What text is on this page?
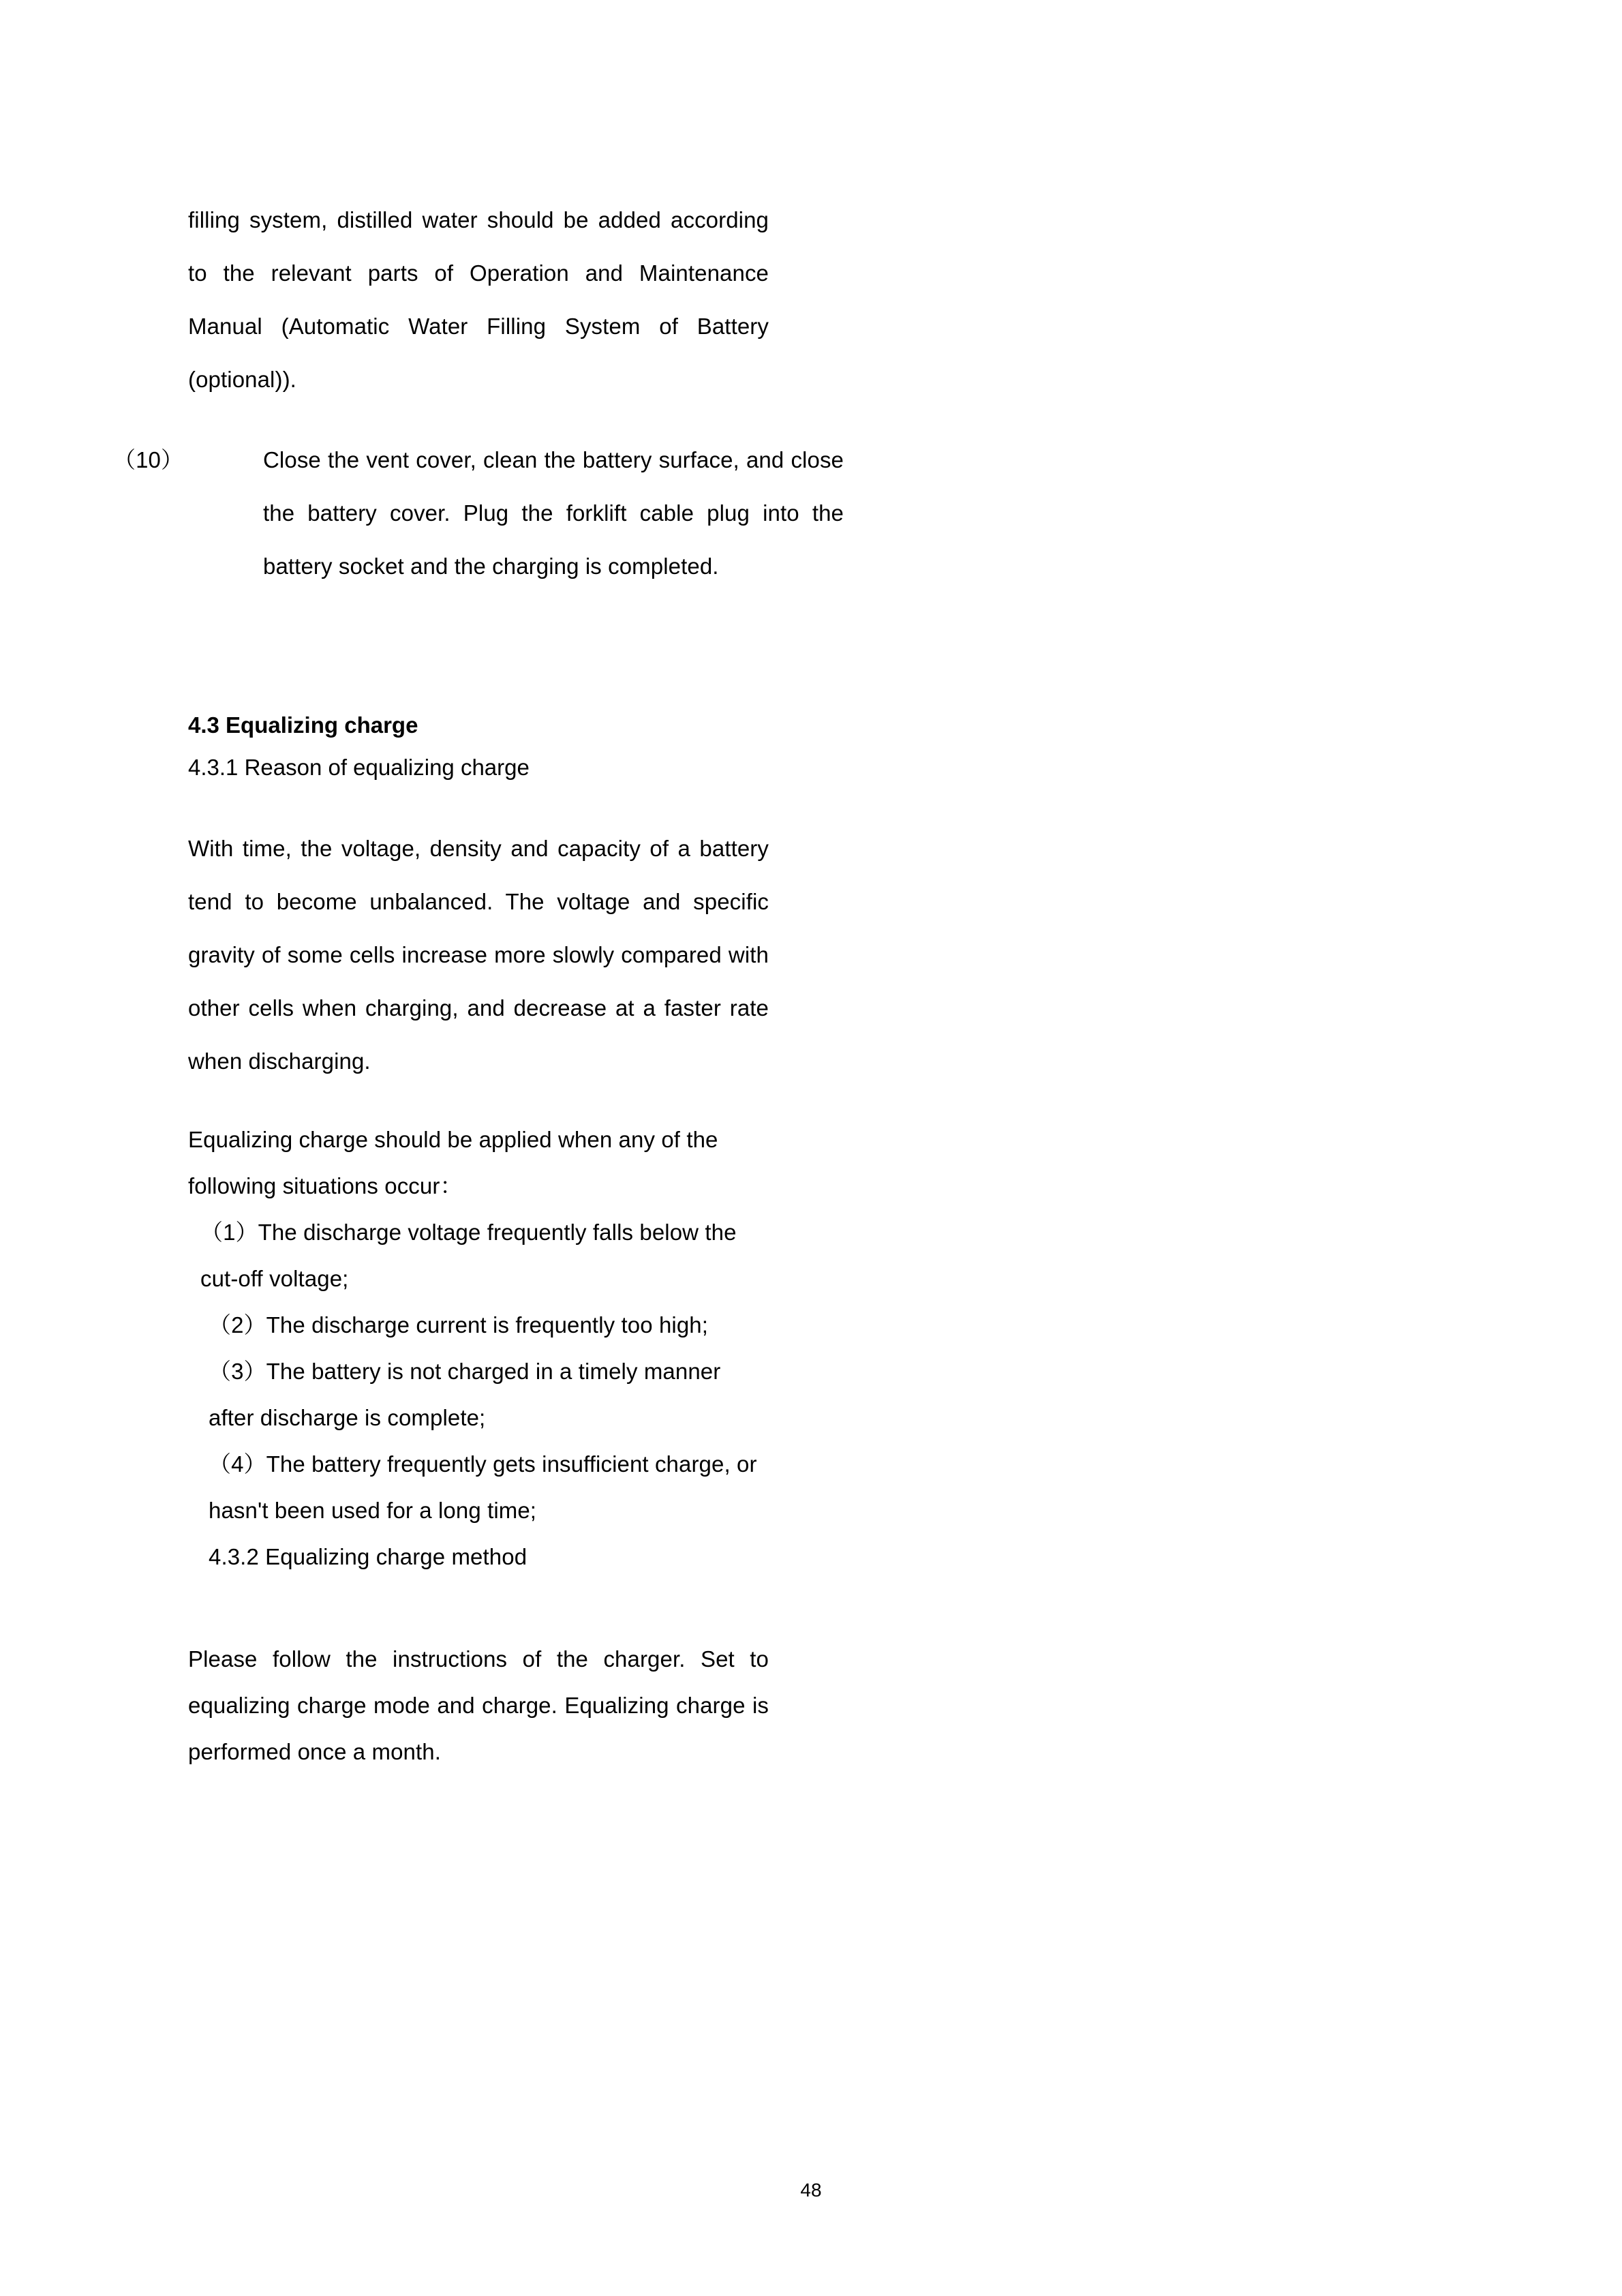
filling system, distilled water should be added according to the relevant parts of Operation and Maintenance Manual (Automatic Water Filling System of Battery (optional)).
（10）	Close the vent cover, clean the battery surface, and close the battery cover. Plug the forklift cable plug into the battery socket and the charging is completed.
4.3 Equalizing charge
4.3.1 Reason of equalizing charge
With time, the voltage, density and capacity of a battery tend to become unbalanced. The voltage and specific gravity of some cells increase more slowly compared with other cells when charging, and decrease at a faster rate when discharging.
Equalizing charge should be applied when any of the following situations occur：
（1）The discharge voltage frequently falls below the cut-off voltage;
（2）The discharge current is frequently too high;
（3）The battery is not charged in a timely manner after discharge is complete;
（4）The battery frequently gets insufficient charge, or hasn't been used for a long time;
4.3.2 Equalizing charge method
Please follow the instructions of the charger. Set to equalizing charge mode and charge. Equalizing charge is performed once a month.
48
